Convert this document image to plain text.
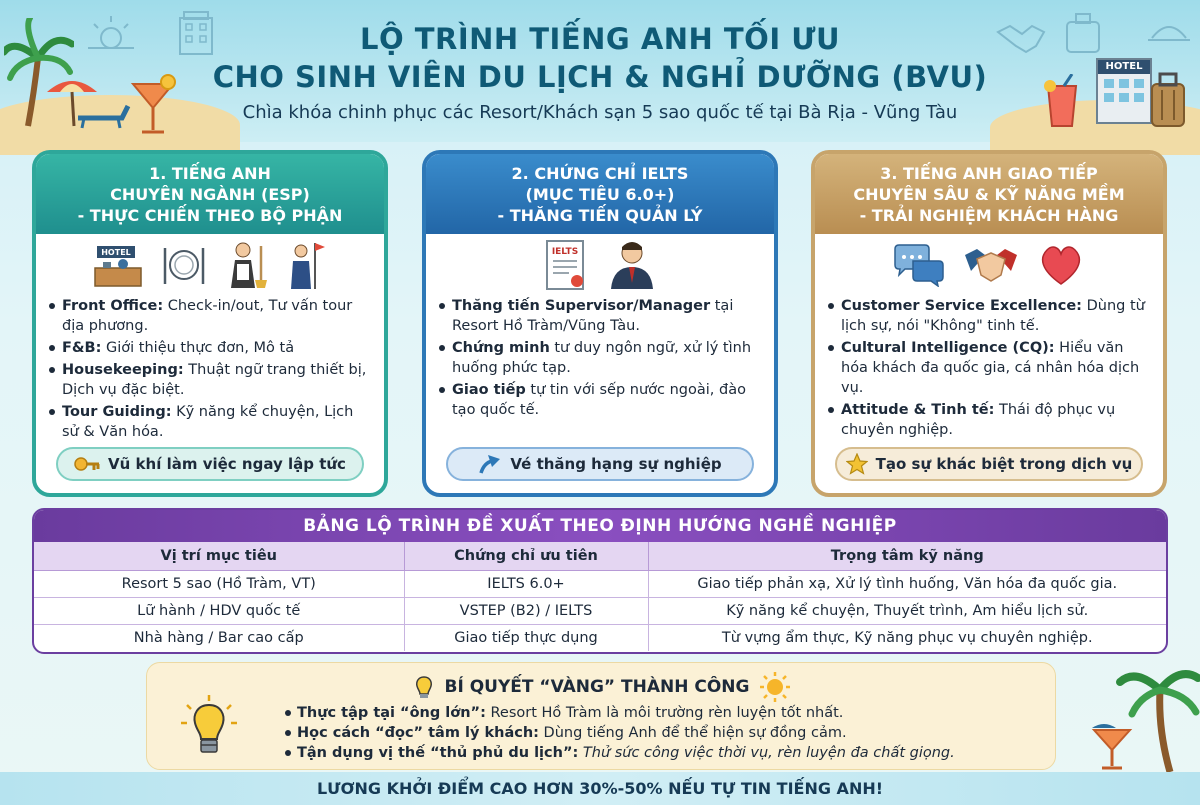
HOTEL
LỘ TRÌNH TIẾNG ANH TỐI ƯU
CHO SINH VIÊN DU LỊCH & NGHỈ DƯỠNG (BVU)
Chìa khóa chinh phục các Resort/Khách sạn 5 sao quốc tế tại Bà Rịa - Vũng Tàu
1. TIẾNG ANH
CHUYÊN NGÀNH (ESP)
- THỰC CHIẾN THEO BỘ PHẬN
HOTEL
Front Office: Check-in/out, Tư vấn tour địa phương.
F&B: Giới thiệu thực đơn, Mô tả
Housekeeping: Thuật ngữ trang thiết bị, Dịch vụ đặc biệt.
Tour Guiding: Kỹ năng kể chuyện, Lịch sử & Văn hóa.
Vũ khí làm việc ngay lập tức
2. CHỨNG CHỈ IELTS
(MỤC TIÊU 6.0+)
- THĂNG TIẾN QUẢN LÝ
IELTS
Thăng tiến Supervisor/Manager tại Resort Hồ Tràm/Vũng Tàu.
Chứng minh tư duy ngôn ngữ, xử lý tình huống phức tạp.
Giao tiếp tự tin với sếp nước ngoài, đào tạo quốc tế.
Vé thăng hạng sự nghiệp
3. TIẾNG ANH GIAO TIẾP
CHUYÊN SÂU & KỸ NĂNG MỀM
- TRẢI NGHIỆM KHÁCH HÀNG
Customer Service Excellence: Dùng từ lịch sự, nói "Không" tinh tế.
Cultural Intelligence (CQ): Hiểu văn hóa khách đa quốc gia, cá nhân hóa dịch vụ.
Attitude & Tinh tế: Thái độ phục vụ chuyên nghiệp.
Tạo sự khác biệt trong dịch vụ
BẢNG LỘ TRÌNH ĐỀ XUẤT THEO ĐỊNH HƯỚNG NGHỀ NGHIỆP
Vị trí mục tiêu	Chứng chỉ ưu tiên	Trọng tâm kỹ năng
Resort 5 sao (Hồ Tràm, VT)	IELTS 6.0+	Giao tiếp phản xạ, Xử lý tình huống, Văn hóa đa quốc gia.
Lữ hành / HDV quốc tế	VSTEP (B2) / IELTS	Kỹ năng kể chuyện, Thuyết trình, Am hiểu lịch sử.
Nhà hàng / Bar cao cấp	Giao tiếp thực dụng	Từ vựng ẩm thực, Kỹ năng phục vụ chuyên nghiệp.
BÍ QUYẾT “VÀNG” THÀNH CÔNG
Thực tập tại “ông lớn”: Resort Hồ Tràm là môi trường rèn luyện tốt nhất.
Học cách “đọc” tâm lý khách: Dùng tiếng Anh để thể hiện sự đồng cảm.
Tận dụng vị thế “thủ phủ du lịch”: Thử sức công việc thời vụ, rèn luyện đa chất giọng.
LƯƠNG KHỞI ĐIỂM CAO HƠN 30%-50% NẾU TỰ TIN TIẾNG ANH!
